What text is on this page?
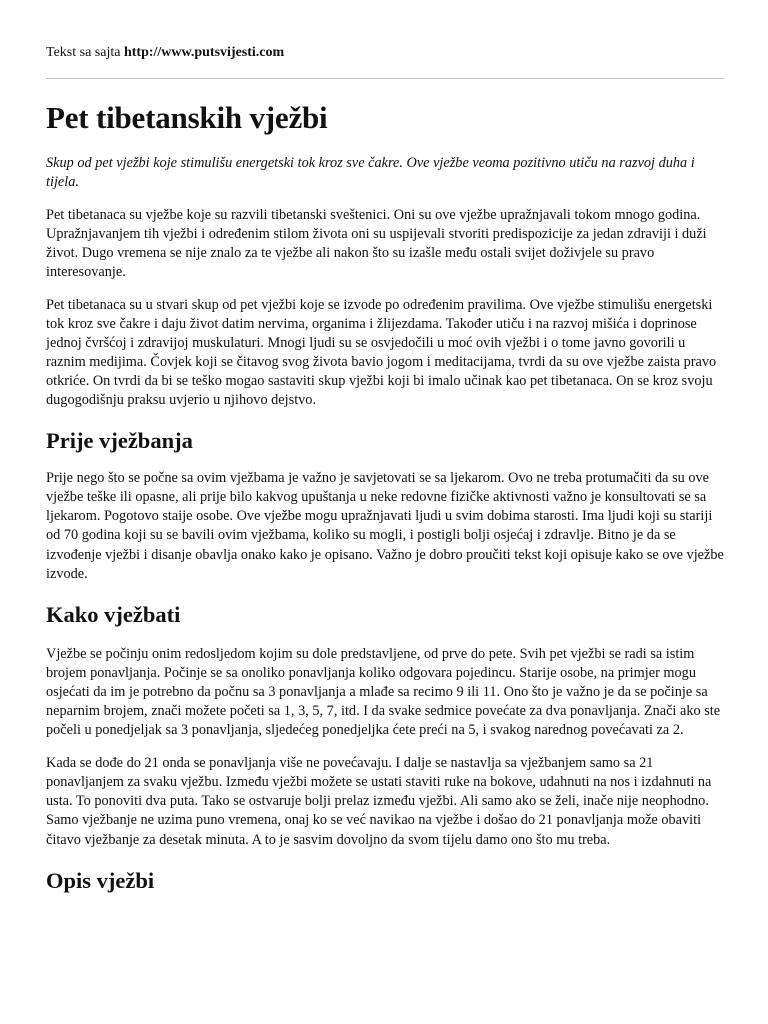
Tekst sa sajta http://www.putsvijesti.com
Pet tibetanskih vježbi

Skup od pet vježbi koje stimulišu energetski tok kroz sve čakre. Ove vježbe veoma pozitivno utiču na razvoj duha i tijela.

Pet tibetanaca su vježbe koje su razvili tibetanski sveštenici. Oni su ove vježbe upražnjavali tokom mnogo godina. Upražnjavanjem tih vježbi i određenim stilom života oni su uspijevali stvoriti predispozicije za jedan zdraviji i duži život. Dugo vremena se nije znalo za te vježbe ali nakon što su izašle među ostali svijet doživjele su pravo interesovanje.

Pet tibetanaca su u stvari skup od pet vježbi koje se izvode po određenim pravilima. Ove vježbe stimulišu energetski tok kroz sve čakre i daju život datim nervima, organima i žlijezdama. Također utiču i na razvoj mišića i doprinose jednoj čvršćoj i zdravijoj muskulaturi. Mnogi ljudi su se osvjedočili u moć ovih vježbi i o tome javno govorili u raznim medijima. Čovjek koji se čitavog svog života bavio jogom i meditacijama, tvrdi da su ove vježbe zaista pravo otkriće. On tvrdi da bi se teško mogao sastaviti skup vježbi koji bi imalo učinak kao pet tibetanaca. On se kroz svoju dugogodišnju praksu uvjerio u njihovo dejstvo.

Prije vježbanja

Prije nego što se počne sa ovim vježbama je važno je savjetovati se sa ljekarom. Ovo ne treba protumačiti da su ove vježbe teške ili opasne, ali prije bilo kakvog upuštanja u neke redovne fizičke aktivnosti važno je konsultovati se sa ljekarom. Pogotovo staije osobe. Ove vježbe mogu upražnjavati ljudi u svim dobima starosti. Ima ljudi koji su stariji od 70 godina koji su se bavili ovim vježbama, koliko su mogli, i postigli bolji osjećaj i zdravlje. Bitno je da se izvođenje vježbi i disanje obavlja onako kako je opisano. Važno je dobro proučiti tekst koji opisuje kako se ove vježbe izvode.

Kako vježbati

Vježbe se počinju onim redosljedom kojim su dole predstavljene, od prve do pete. Svih pet vježbi se radi sa istim brojem ponavljanja. Počinje se sa onoliko ponavljanja koliko odgovara pojedincu. Starije osobe, na primjer mogu osjećati da im je potrebno da počnu sa 3 ponavljanja a mlađe sa recimo 9 ili 11. Ono što je važno je da se počinje sa neparnim brojem, znači možete početi sa 1, 3, 5, 7, itd. I da svake sedmice povećate za dva ponavljanja. Znači ako ste počeli u ponedjeljak sa 3 ponavljanja, sljedećeg ponedjeljka ćete preći na 5, i svakog narednog povećavati za 2.

Kada se dođe do 21 onda se ponavljanja više ne povećavaju. I dalje se nastavlja sa vježbanjem samo sa 21 ponavljanjem za svaku vježbu. Između vježbi možete se ustati staviti ruke na bokove, udahnuti na nos i izdahnuti na usta. To ponoviti dva puta. Tako se ostvaruje bolji prelaz između vježbi. Ali samo ako se želi, inače nije neophodno. Samo vježbanje ne uzima puno vremena, onaj ko se već navikao na vježbe i došao do 21 ponavljanja može obaviti čitavo vježbanje za desetak minuta. A to je sasvim dovoljno da svom tijelu damo ono što mu treba.

Opis vježbi
